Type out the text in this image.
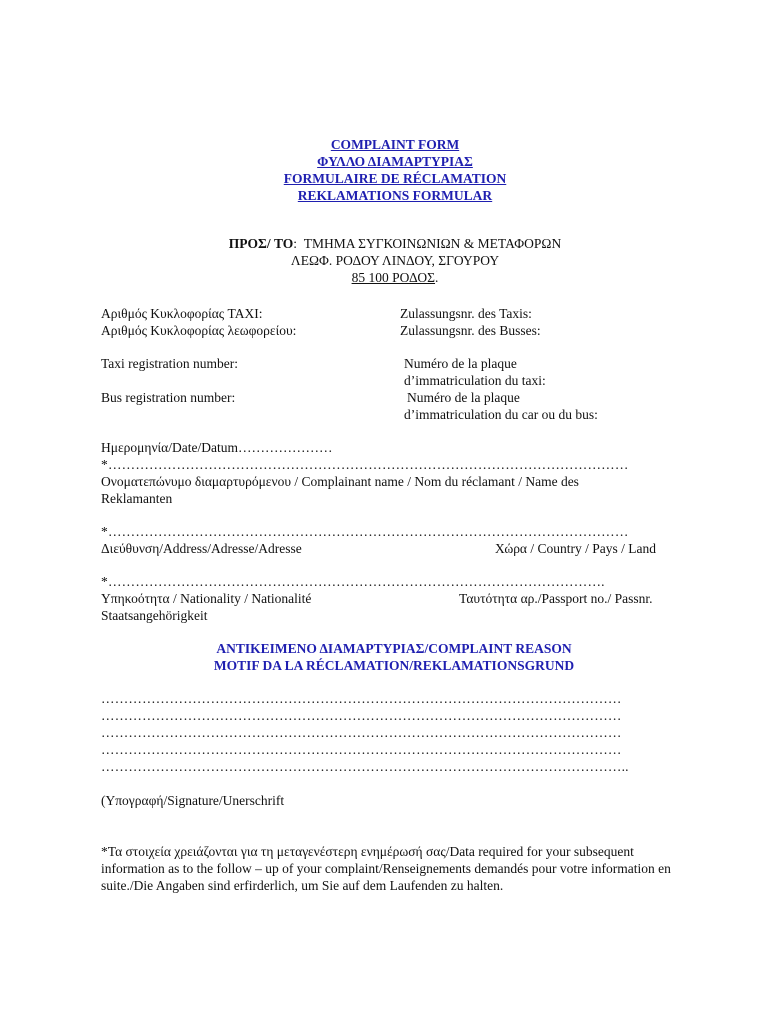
COMPLAINT FORM
ΦΥΛΛΟ ΔΙΑΜΑΡΤΥΡΙΑΣ
FORMULAIRE DE RÉCLAMATION
REKLAMATIONS FORMULAR
ΠΡΟΣ/ TO: ΤΜΗΜΑ ΣΥΓΚΟΙΝΩΝΙΩΝ & ΜΕΤΑΦΟΡΩΝ
ΛΕΩΦ. ΡΟΔΟΥ ΛΙΝΔΟΥ, ΣΓΟΥΡΟΥ
85 100 ΡΟΔΟΣ.
Αριθμός Κυκλοφορίας TAXI:
Αριθμός Κυκλοφορίας λεωφορείου:
Zulassungsnr. des Taxis:
Zulassungsnr. des Busses:
Taxi registration number:
Bus registration number:
Numéro de la plaque
d’immatriculation du taxi:
Numéro de la plaque
d’immatriculation du car ou du bus:
Ημερομηνία/Date/Datum…………………
*……………………………………………………………………………………………………
Ονοματεπώνυμο διαμαρτυρόμενου / Complainant name / Nom du réclamant / Name des
Reklamanten
*……………………………………………………………………………………………………
Διεύθυνση/Address/Adresse/Adresse	Χώρα / Country / Pays / Land
*……………………………………………………………………………………………….
Υπηκοότητα / Nationality / Nationalité
Staatsangehörigkeit
Ταυτότητα αρ./Passport no./ Passnr.
ΑΝΤΙΚΕΙΜΕΝΟ ΔΙΑΜΑΡΤΥΡΙΑΣ/COMPLAINT REASON
MOTIF DA LA RÉCLAMATION/REKLAMATIONSGRUND
……………………………………………………………………………………………………
……………………………………………………………………………………………………
……………………………………………………………………………………………………
……………………………………………………………………………………………………
……………………………………………………………………………………………………..
(Υπογραφή/Signature/Unerschrift
*Τα στοιχεία χρειάζονται για τη μεταγενέστερη ενημέρωσή σας/Data required for your subsequent information as to the follow – up of your complaint/Renseignements demandés pour votre information en suite./Die Angaben sind erfirderlich, um Sie auf dem Laufenden zu halten.
